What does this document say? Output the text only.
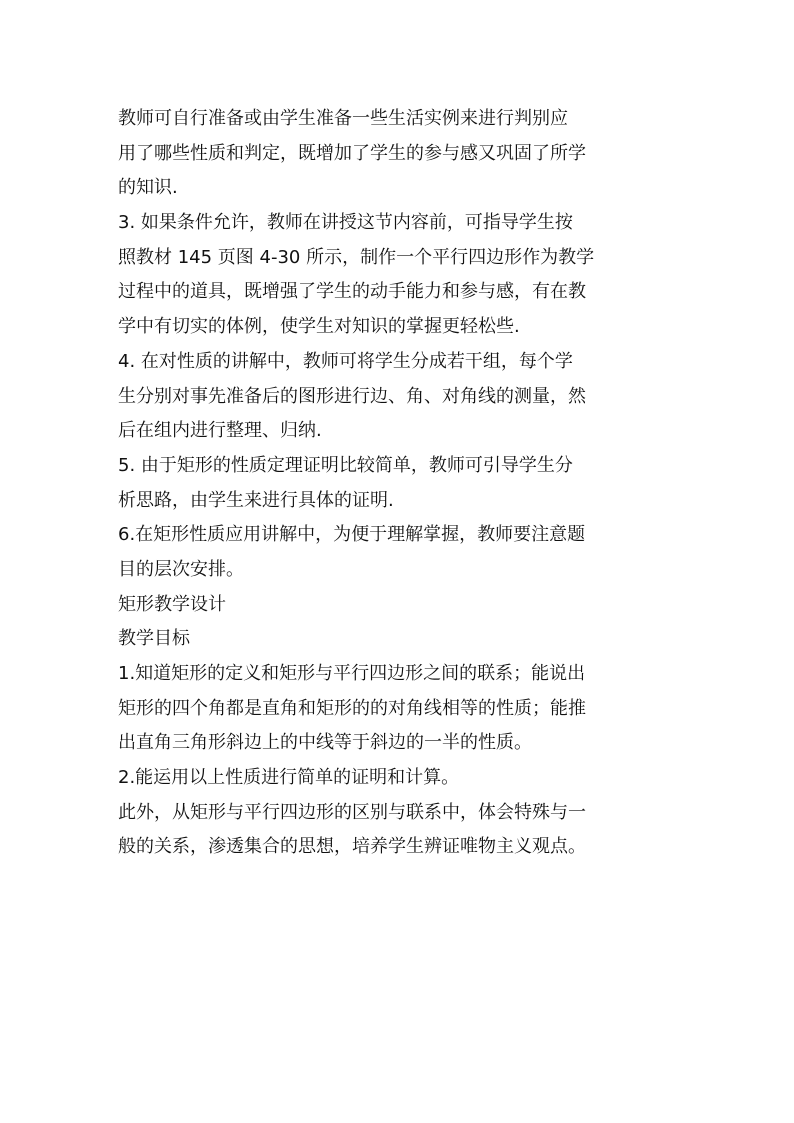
教师可自行准备或由学生准备一些生活实例来进行判别应
用了哪些性质和判定，既增加了学生的参与感又巩固了所学
的知识.
3. 如果条件允许，教师在讲授这节内容前，可指导学生按
照教材 145 页图 4-30 所示，制作一个平行四边形作为教学
过程中的道具，既增强了学生的动手能力和参与感，有在教
学中有切实的体例，使学生对知识的掌握更轻松些.
4. 在对性质的讲解中，教师可将学生分成若干组，每个学
生分别对事先准备后的图形进行边、角、对角线的测量，然
后在组内进行整理、归纳.
5. 由于矩形的性质定理证明比较简单，教师可引导学生分
析思路，由学生来进行具体的证明.
6.在矩形性质应用讲解中，为便于理解掌握，教师要注意题
目的层次安排。
矩形教学设计
教学目标
1.知道矩形的定义和矩形与平行四边形之间的联系；能说出
矩形的四个角都是直角和矩形的的对角线相等的性质；能推
出直角三角形斜边上的中线等于斜边的一半的性质。
2.能运用以上性质进行简单的证明和计算。
此外，从矩形与平行四边形的区别与联系中，体会特殊与一
般的关系，渗透集合的思想，培养学生辨证唯物主义观点。
